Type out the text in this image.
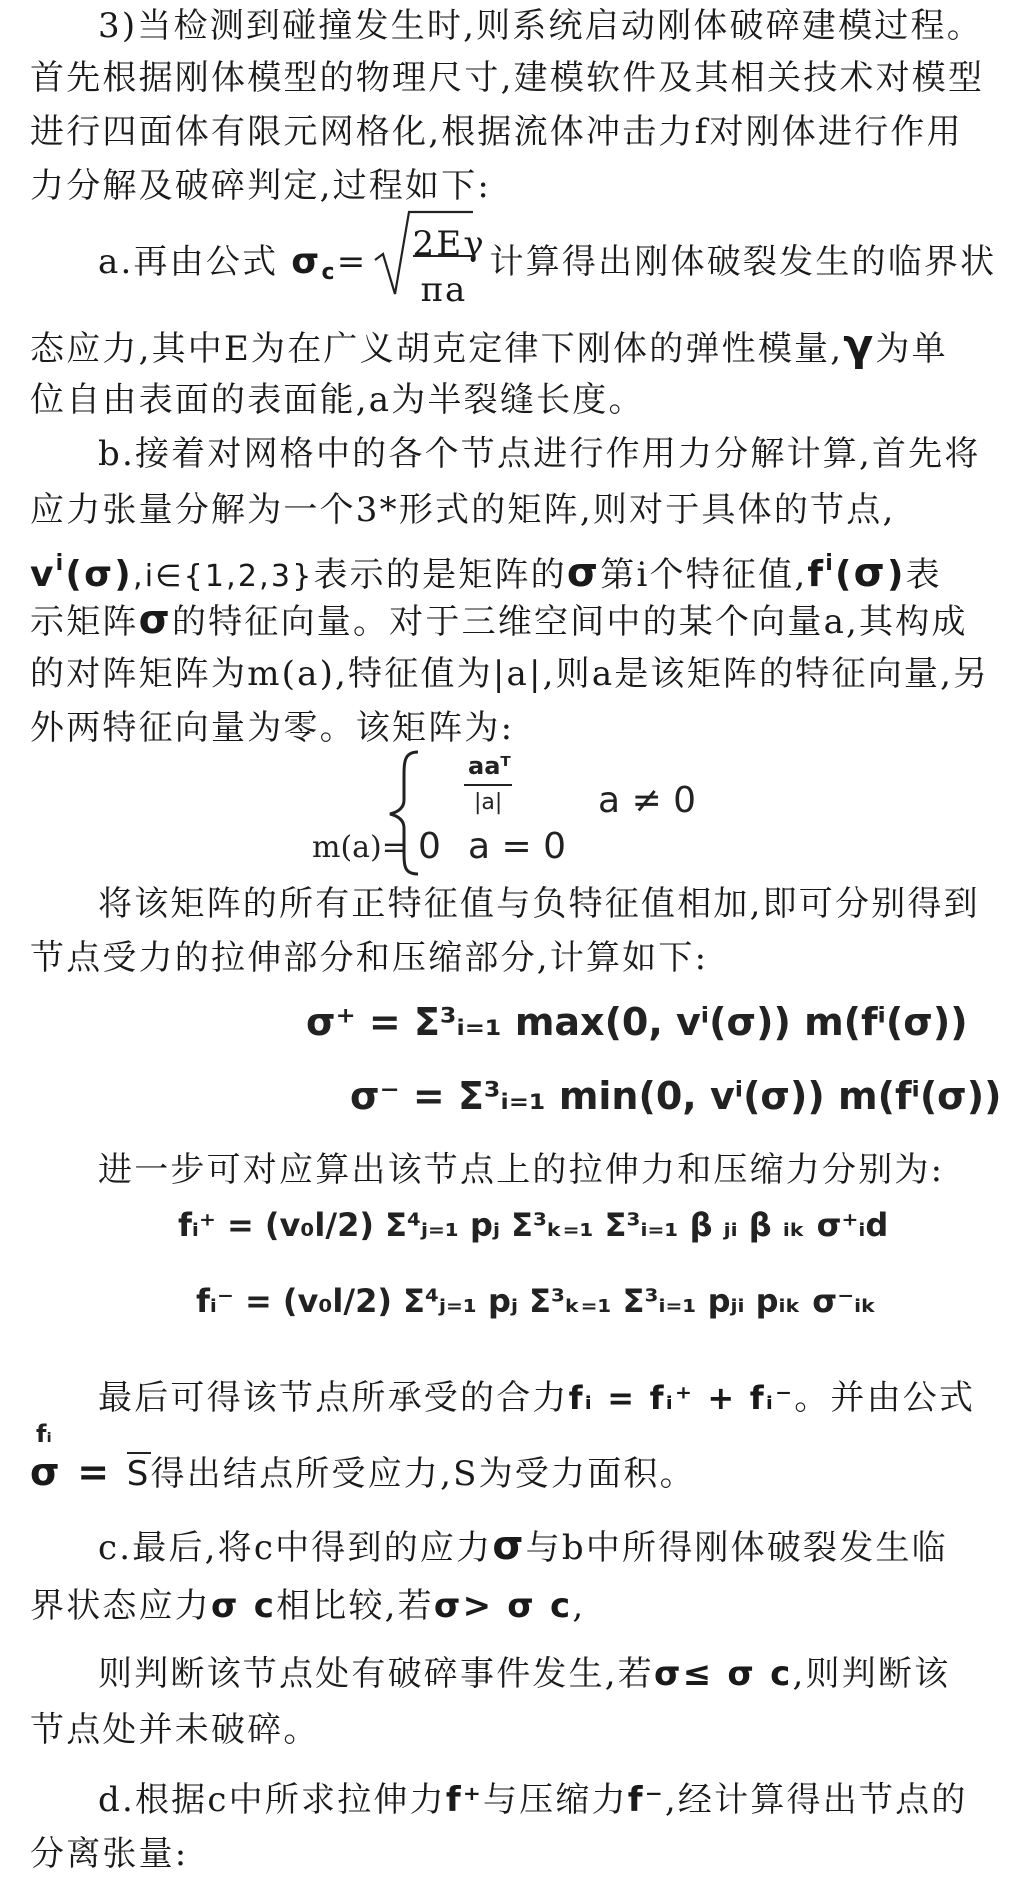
3)当检测到碰撞发生时,则系统启动刚体破碎建模过程。
首先根据刚体模型的物理尺寸,建模软件及其相关技术对模型
进行四面体有限元网格化,根据流体冲击力f对刚体进行作用
力分解及破碎判定,过程如下:
a.再由公式 $\sigma_c= \frac{2E\gamma}{\pi a}$ 计算得出刚体破裂发生的临界状
态应力,其中E为在广义胡克定律下刚体的弹性模量,γ为单
位自由表面的表面能,a为半裂缝长度。
b.接着对网格中的各个节点进行作用力分解计算,首先将
应力张量分解为一个3*形式的矩阵,则对于具体的节点,
$v^i(\sigma),i\in\{1,2,3\}$表示的是矩阵的σ第i个特征值$,f^i(\sigma)$表
示矩阵σ的特征向量。对于三维空间中的某个向量a,其构成
的对阵矩阵为m(a),特征值为|a|,则a是该矩阵的特征向量,另
外两特征向量为零。该矩阵为:
m(a)=
aaᵀ
|a|	a ≠ 0
0 a = 0
将该矩阵的所有正特征值与负特征值相加,即可分别得到
节点受力的拉伸部分和压缩部分,计算如下:
σ⁺ = Σ³ᵢ₌₁ max(0, vⁱ(σ)) m(fⁱ(σ))
σ⁻ = Σ³ᵢ₌₁ min(0, vⁱ(σ)) m(fⁱ(σ))
进一步可对应算出该节点上的拉伸力和压缩力分别为:
fᵢ⁺ = (v₀l/2) Σ⁴ⱼ₌₁ pⱼ Σ³ₖ₌₁ Σ³ᵢ₌₁ β ⱼᵢ β ᵢₖ σ⁺ᵢd
fᵢ⁻ = (v₀l/2) Σ⁴ⱼ₌₁ pⱼ Σ³ₖ₌₁ Σ³ᵢ₌₁ pⱼᵢ pᵢₖ σ⁻ᵢₖ
最后可得该节点所承受的合力fᵢ = fᵢ⁺ + fᵢ⁻。并由公式
fᵢ
σ = S得出结点所受应力,S为受力面积。
c.最后,将c中得到的应力σ与b中所得刚体破裂发生临
界状态应力σ c相比较,若σ> σ c,
则判断该节点处有破碎事件发生,若σ≤ σ c,则判断该
节点处并未破碎。
d.根据c中所求拉伸力f⁺与压缩力f⁻,经计算得出节点的
分离张量:
